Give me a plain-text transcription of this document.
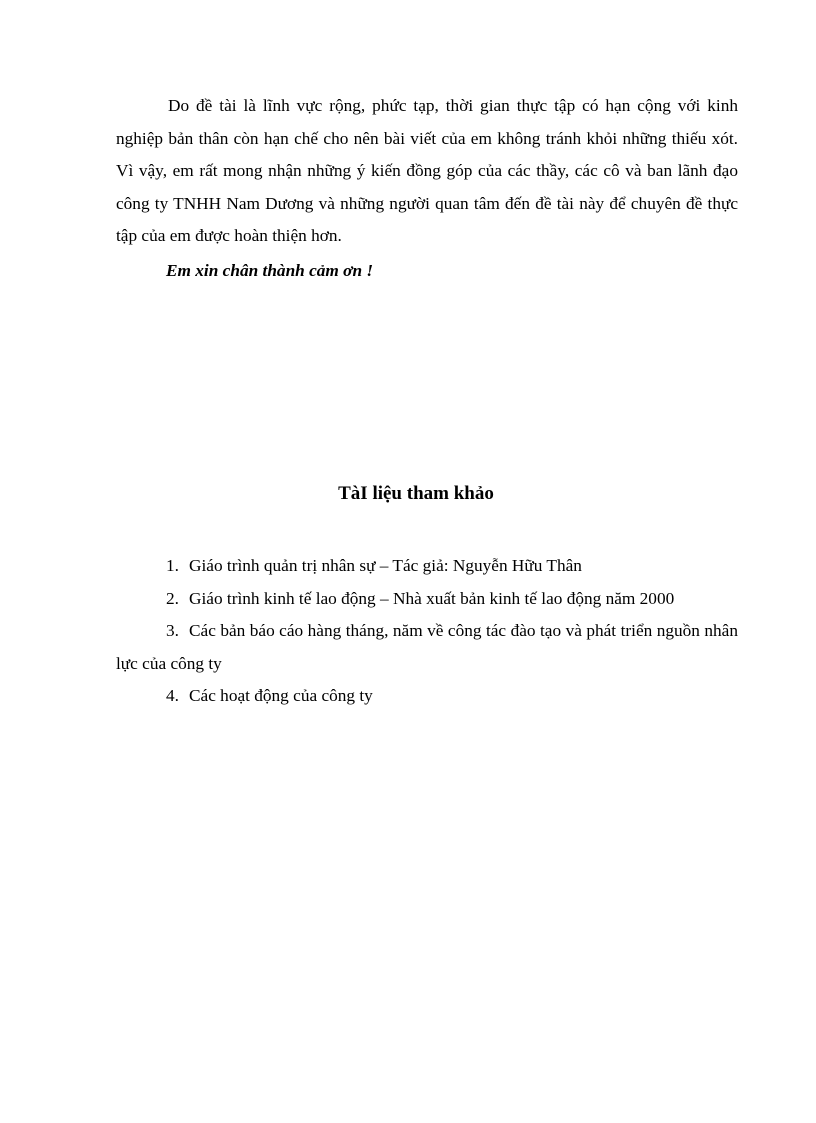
Do đề tài là lĩnh vực rộng, phức tạp, thời gian thực tập có hạn cộng với kinh nghiệp bản thân còn hạn chế cho nên bài viết của em không tránh khỏi những thiếu xót. Vì vậy, em rất mong nhận những ý kiến đồng góp của các thầy, các cô và ban lãnh đạo công ty TNHH Nam Dương và những người quan tâm đến đề tài này để chuyên đề thực tập của em được hoàn thiện hơn.

Em xin chân thành cảm ơn !

TàI liệu tham khảo
1. Giáo trình quản trị nhân sự – Tác giả: Nguyễn Hữu Thân
2. Giáo trình kinh tế lao động – Nhà xuất bản kinh tế lao động năm 2000
3. Các bản báo cáo hàng tháng, năm về công tác đào tạo và phát triển nguồn nhân lực của công ty
4. Các hoạt động của công ty
